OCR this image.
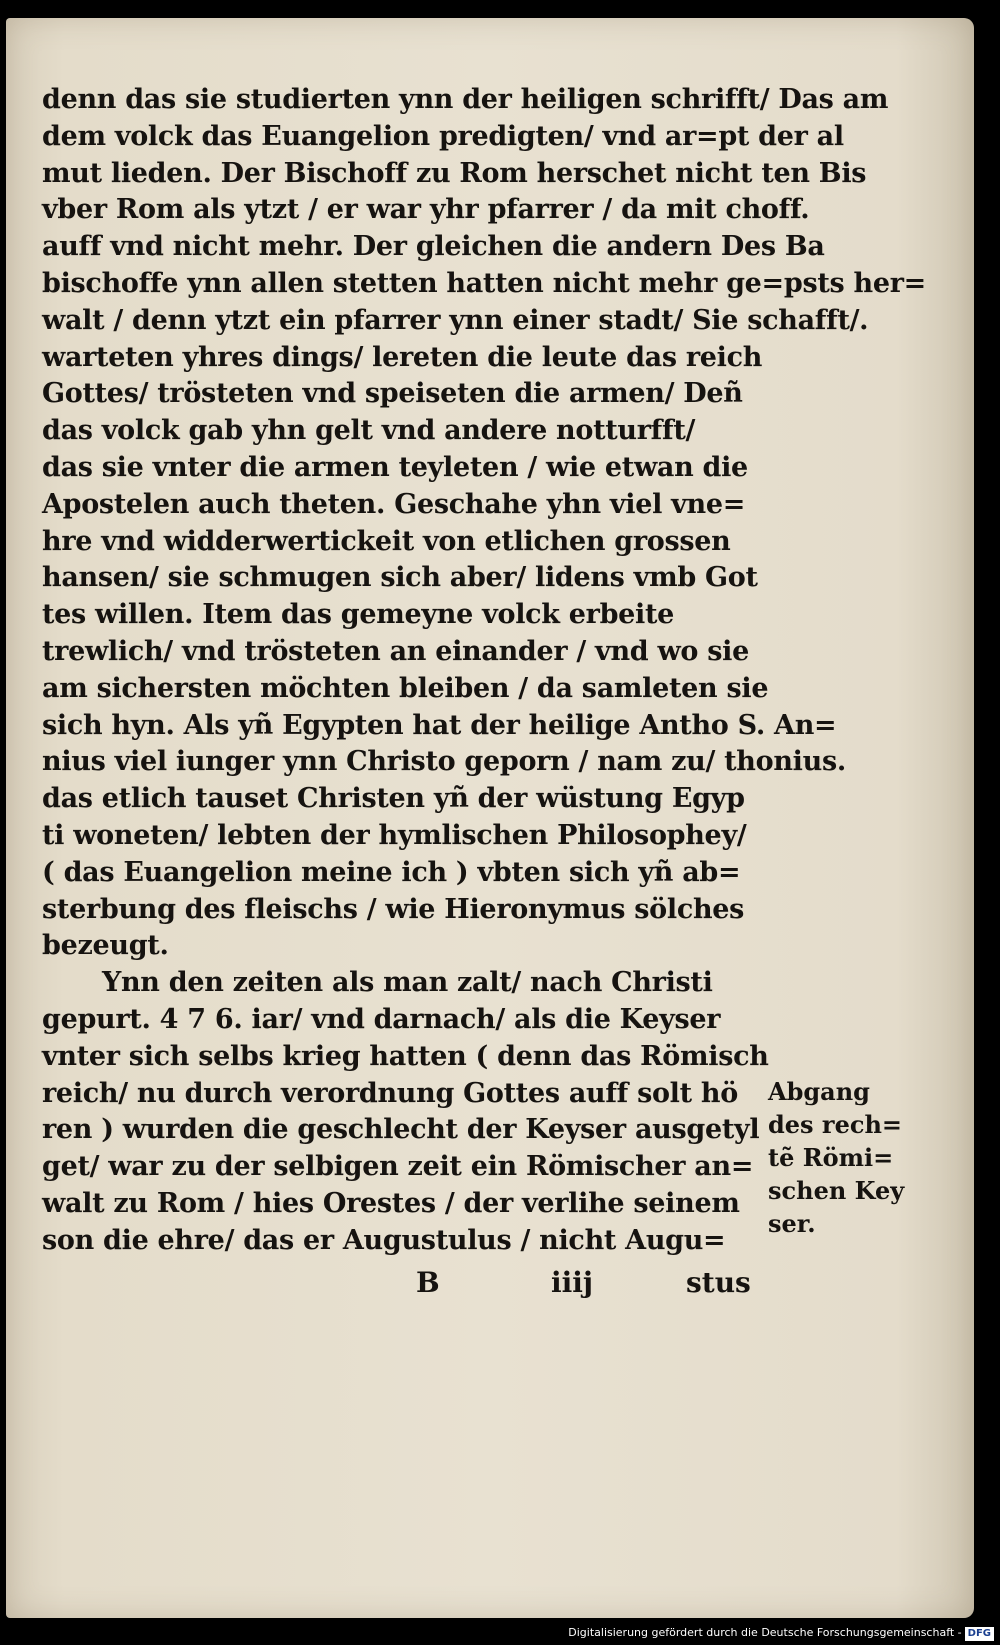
denn das sie studierten ynn der heiligen schrifft/ Das am
dem volck das Euangelion predigten/ vnd ar=pt der al
mut lieden. Der Bischoff zu Rom herschet nicht ten Bis
vber Rom als ytzt / er war yhr pfarrer / da mit choff.
auff vnd nicht mehr. Der gleichen die andern Des Ba
bischoffe ynn allen stetten hatten nicht mehr ge=psts her=
walt / denn ytzt ein pfarrer ynn einer stadt/ Sie schafft/.
warteten yhres dings/ lereten die leute das reich
Gottes/ trösteten vnd speiseten die armen/ Deñ
das volck gab yhn gelt vnd andere notturfft/
das sie vnter die armen teyleten / wie etwan die
Apostelen auch theten. Geschahe yhn viel vne=
hre vnd widderwertickeit von etlichen grossen
hansen/ sie schmugen sich aber/ lidens vmb Got
tes willen. Item das gemeyne volck erbeite
trewlich/ vnd trösteten an einander / vnd wo sie
am sichersten möchten bleiben / da samleten sie
sich hyn. Als yñ Egypten hat der heilige Antho S. An=
nius viel iunger ynn Christo geporn / nam zu/ thonius.
das etlich tauset Christen yñ der wüstung Egyp
ti woneten/ lebten der hymlischen Philosophey/
( das Euangelion meine ich ) vbten sich yñ ab=
sterbung des fleischs / wie Hieronymus sölches
bezeugt.
Ynn den zeiten als man zalt/ nach Christi
gepurt. 4 7 6. iar/ vnd darnach/ als die Keyser
vnter sich selbs krieg hatten ( denn das Römisch
reich/ nu durch verordnung Gottes auff solt hö
ren ) wurden die geschlecht der Keyser ausgetyl
get/ war zu der selbigen zeit ein Römischer an=
walt zu Rom / hies Orestes / der verlihe seinem
son die ehre/ das er Augustulus / nicht Augu=
Abgang
des rech=
tẽ Römi=
schen Key
ser.
B	iiij	stus
Digitalisierung gefördert durch die Deutsche Forschungsgemeinschaft - DFG
